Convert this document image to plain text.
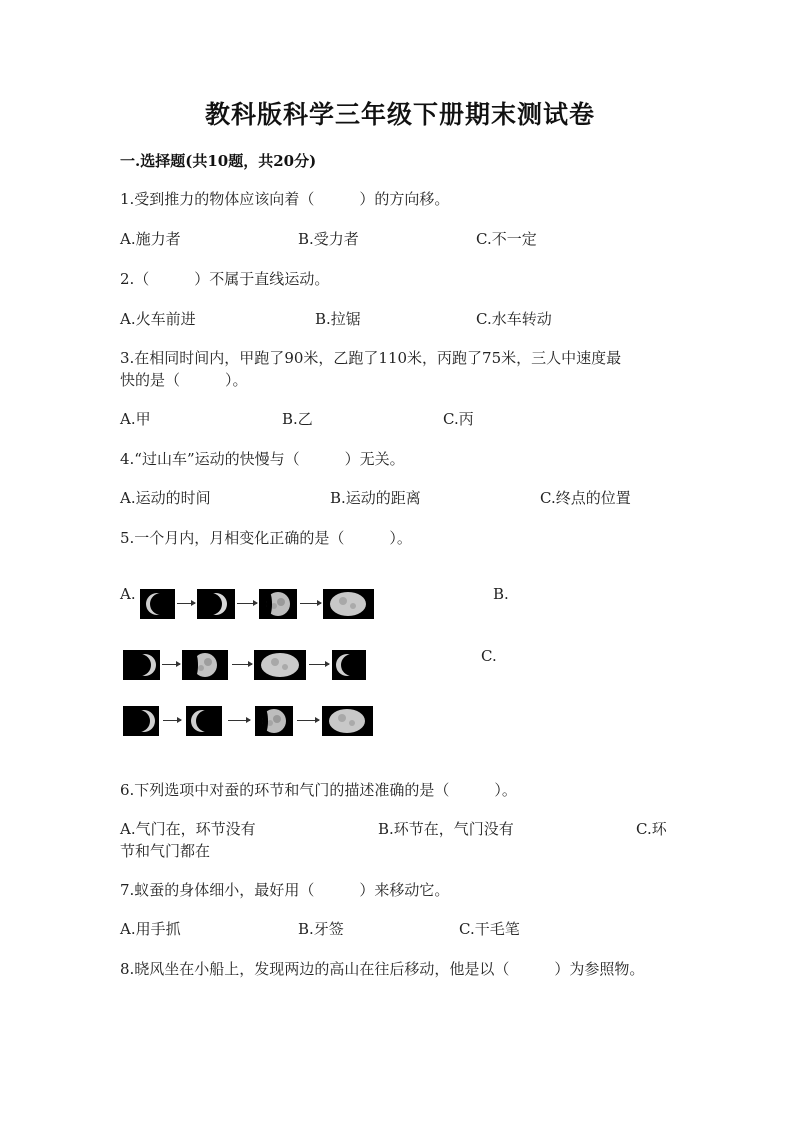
教科版科学三年级下册期末测试卷
一.选择题(共10题，共20分)
1.受到推力的物体应该向着（　　　）的方向移。
A.施力者	B.受力者	C.不一定
2.（　　　）不属于直线运动。
A.火车前进	B.拉锯	C.水车转动
3.在相同时间内，甲跑了90米，乙跑了110米，丙跑了75米，三人中速度最
快的是（　　　）。
A.甲	B.乙	C.丙
4.“过山车”运动的快慢与（　　　）无关。
A.运动的时间	B.运动的距离	C.终点的位置
5.一个月内，月相变化正确的是（　　　）。
A.	B.
C.
6.下列选项中对蚕的环节和气门的描述准确的是（　　　）。
A.气门在，环节没有	B.环节在，气门没有	C.环
节和气门都在
7.蚁蚕的身体细小，最好用（　　　）来移动它。
A.用手抓	B.牙签	C.干毛笔
8.晓风坐在小船上，发现两边的高山在往后移动，他是以（　　　）为参照物。
